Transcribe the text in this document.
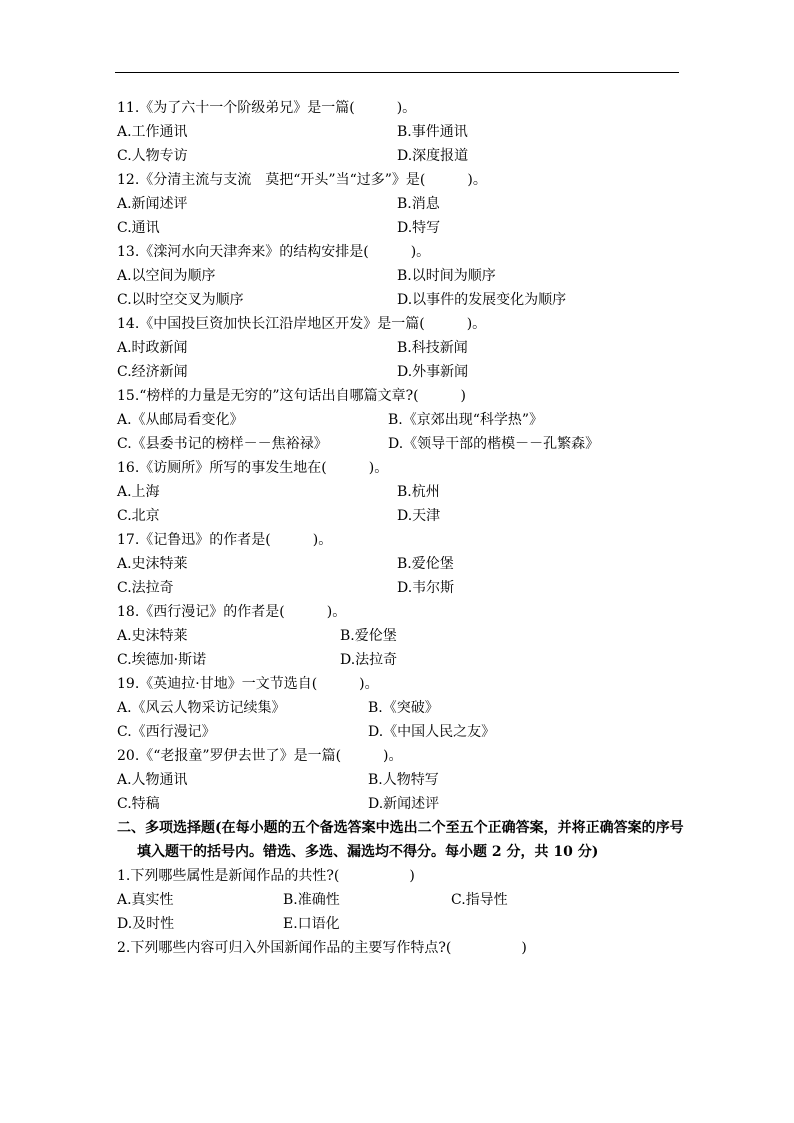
11.《为了六十一个阶级弟兄》是一篇(　　　)。
A.工作通讯	B.事件通讯
C.人物专访	D.深度报道
12.《分清主流与支流　莫把“开头”当“过多”》是(　　　)。
A.新闻述评	B.消息
C.通讯	D.特写
13.《滦河水向天津奔来》的结构安排是(　　　)。
A.以空间为顺序	B.以时间为顺序
C.以时空交叉为顺序	D.以事件的发展变化为顺序
14.《中国投巨资加快长江沿岸地区开发》是一篇(　　　)。
A.时政新闻	B.科技新闻
C.经济新闻	D.外事新闻
15.“榜样的力量是无穷的”这句话出自哪篇文章?(　　　)
A.《从邮局看变化》	B.《京郊出现“科学热”》
C.《县委书记的榜样－－焦裕禄》	D.《领导干部的楷模－－孔繁森》
16.《访厕所》所写的事发生地在(　　　)。
A.上海	B.杭州
C.北京	D.天津
17.《记鲁迅》的作者是(　　　)。
A.史沫特莱	B.爱伦堡
C.法拉奇	D.韦尔斯
18.《西行漫记》的作者是(　　　)。
A.史沫特莱	B.爱伦堡
C.埃德加·斯诺	D.法拉奇
19.《英迪拉·甘地》一文节选自(　　　)。
A.《风云人物采访记续集》	B.《突破》
C.《西行漫记》	D.《中国人民之友》
20.《“老报童”罗伊去世了》是一篇(　　　)。
A.人物通讯	B.人物特写
C.特稿	D.新闻述评
二、多项选择题(在每小题的五个备选答案中选出二个至五个正确答案，并将正确答案的序号
填入题干的括号内。错选、多选、漏选均不得分。每小题 2 分，共 10 分)
1.下列哪些属性是新闻作品的共性?(　　　　　)
A.真实性	B.准确性	C.指导性
D.及时性	E.口语化
2.下列哪些内容可归入外国新闻作品的主要写作特点?(　　　　　)
